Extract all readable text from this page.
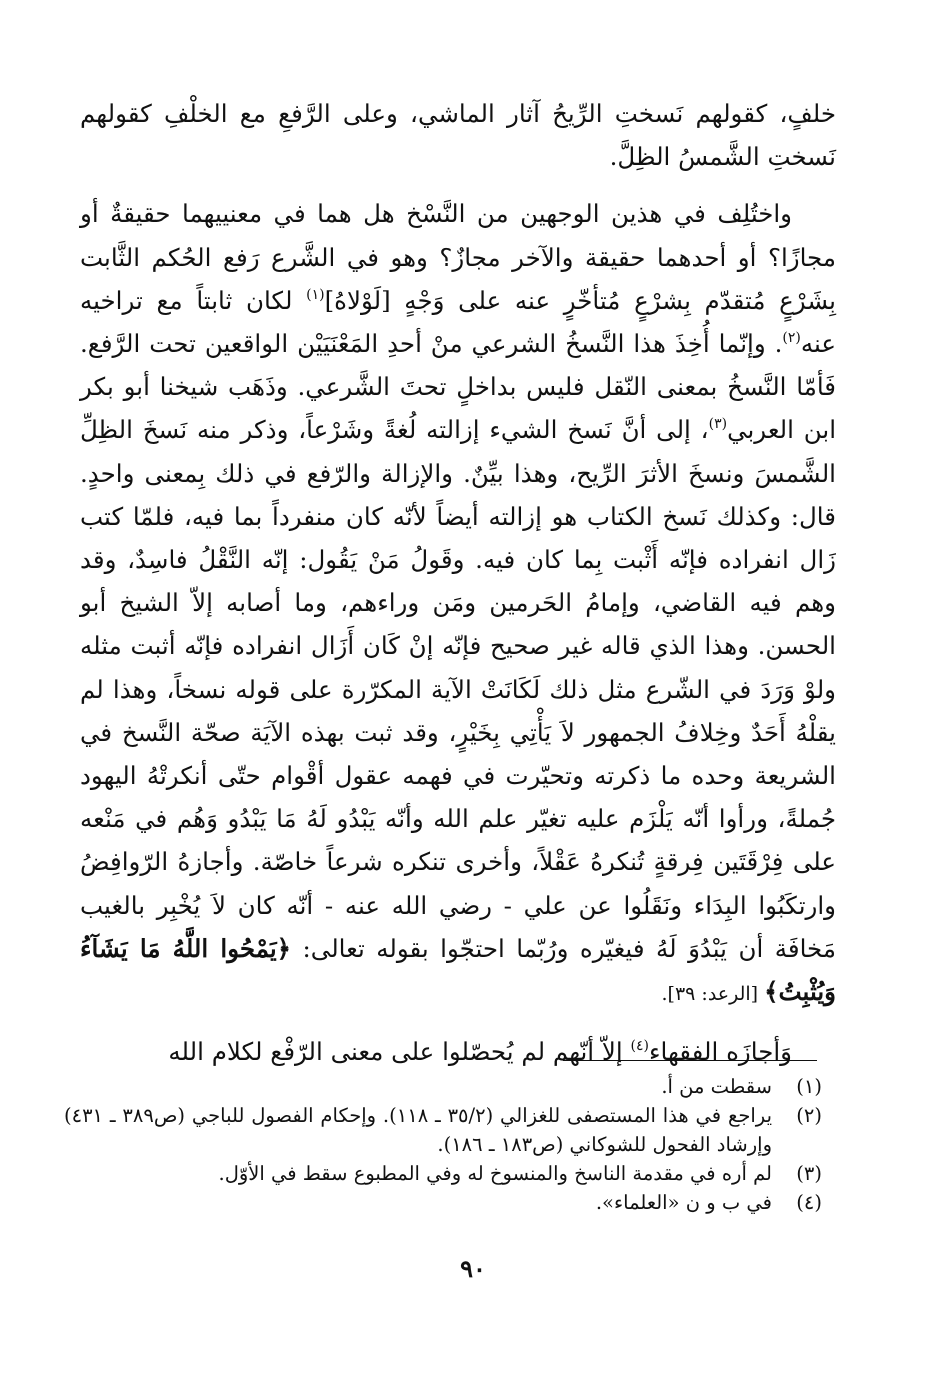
خلفٍ، كقولهم نَسختِ الرِّيحُ آثار الماشي، وعلى الرَّفعِ مع الخلْفِ كقولهم نَسختِ الشَّمسُ الظِلَّ.

واختُلِف في هذين الوجهين من النَّسْخ هل هما في معنييهما حقيقةٌ أو مجازًا؟ أو أحدهما حقيقة والآخر مجازٌ؟ وهو في الشَّرع رَفع الحُكم الثَّابت بِشَرْعٍ مُتقدّم بِشرْعٍ مُتأخّرٍ عنه على وَجْهٍ [لَوْلاهُ]$^{(١)}$ لكان ثابتاً مع تراخيه عنه$^{(٢)}$. وإنّما أُخِذَ هذا النَّسخُ الشرعي منْ أحدِ المَعْنَيَيْن الواقعين تحت الرَّفع. فَأمّا النَّسخُ بمعنى النّقل فليس بداخلٍ تحتَ الشَّرعي. وذَهَب شيخنا أبو بكر ابن العربي$^{(٣)}$، إلى أنَّ نَسخ الشيء إزالته لُغةً وشَرْعاً، وذكر منه نَسخَ الظِلِّ الشَّمسَ ونسخَ الأثرَ الرِّيح، وهذا بيِّنٌ. والإزالة والرّفع في ذلك بِمعنى واحدٍ. قال: وكذلك نَسخ الكتاب هو إزالته أيضاً لأنّه كان منفرداً بما فيه، فلمّا كتب زَال انفراده فإنّه أَثْبت بِما كان فيه. وقَولُ مَنْ يَقُول: إنّه النَّقْلُ فاسِدٌ، وقد وهم فيه القاضي، وإمامُ الحَرمين ومَن وراءهم، وما أصابه إلاّ الشيخ أبو الحسن. وهذا الذي قاله غير صحيح فإنّه إنْ كَان أَزَال انفراده فإنّه أثبت مثله ولوْ وَرَدَ في الشّرع مثل ذلك لَكَانَتْ الآية المكرّرة على قوله نسخاً، وهذا لم يقلْهُ أَحَدٌ وخِلافُ الجمهور لاَ يَأْتِي بِخَيْرٍ، وقد ثبت بهذه الآيَة صحّة النَّسخ في الشريعة وحده ما ذكرته وتحيّرت في فهمه عقول أقْوام حتّى أنكرتْهُ اليهود جُملةً، ورأوا أنّه يَلْزَم عليه تغيّر علم الله وأنّه يَبْدُو لَهُ مَا يَبْدُو وَهُم في مَنْعه على فِرْقَتَين فِرقةٍ تُنكرهُ عَقْلاً، وأخرى تنكره شرعاً خاصّة. وأجازهُ الرّوافِضُ وارتكَبُوا البِدَاء ونَقَلُوا عن علي - رضي الله عنه - أنّه كان لاَ يُخْبِر بالغيب مَخافَة أن يَبْدُوَ لَهُ فيغيّره ورُبّما احتجّوا بقوله تعالى: ﴿يَمْحُوا اللَّهُ مَا يَشَآءُ وَيُثْبِتُ﴾ [الرعد: ٣٩].

وَأجازَه الفقهاء$^{(٤)}$ إلاّ أنّهم لم يُحصّلوا على معنى الرّفْع لكلام الله

(١)
سقطت من أ.
(٢)
يراجع في هذا المستصفى للغزالي (٣٥/٢ ـ ١١٨). وإحكام الفصول للباجي (ص٣٨٩ ـ ٤٣١) وإرشاد الفحول للشوكاني (ص١٨٣ ـ ١٨٦).
(٣)
لم أره في مقدمة الناسخ والمنسوخ له وفي المطبوع سقط في الأوّل.
(٤)
في ب و ن «العلماء».
٩٠
